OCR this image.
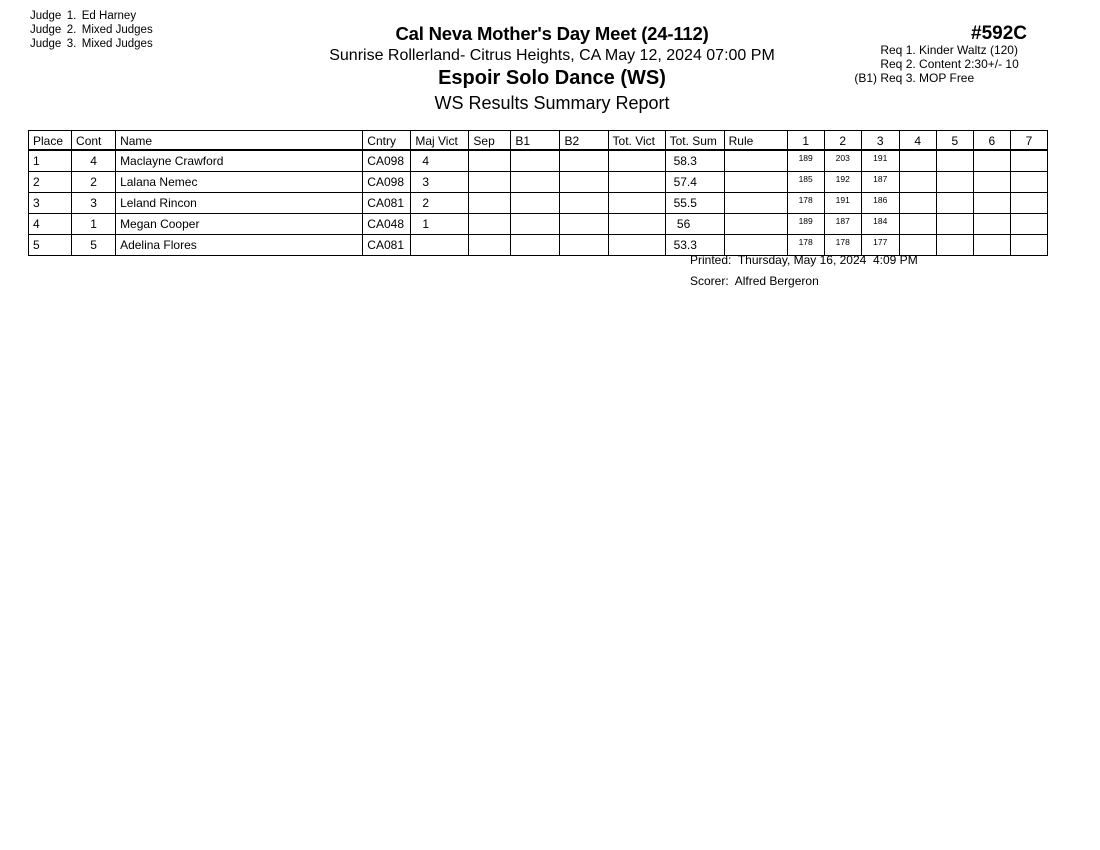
Judge 1. Ed Harney
Judge 2. Mixed Judges
Judge 3. Mixed Judges	Cal Neva Mother's Day Meet (24-112)
Sunrise Rollerland- Citrus Heights, CA May 12, 2024 07:00 PM
Espoir Solo Dance (WS)
WS Results Summary Report
#592C
Req 1. Kinder Waltz (120)
Req 2. Content 2:30+/- 10
(B1) Req 3. MOP Free
Place	Cont	Name	Cntry	Maj Vict	Sep	B1	B2	Tot. Vict	Tot. Sum	Rule	1	2	3	4	5	6	7
1	4	Maclayne Crawford	CA098	4					58.3		189	203	191				
2	2	Lalana Nemec	CA098	3					57.4		185	192	187				
3	3	Leland Rincon	CA081	2					55.5		178	191	186				
4	1	Megan Cooper	CA048	1					56		189	187	184				
5	5	Adelina Flores	CA081						53.3		178	178	177				
Printed: Thursday, May 16, 2024  4:09 PM
Scorer: Alfred Bergeron
